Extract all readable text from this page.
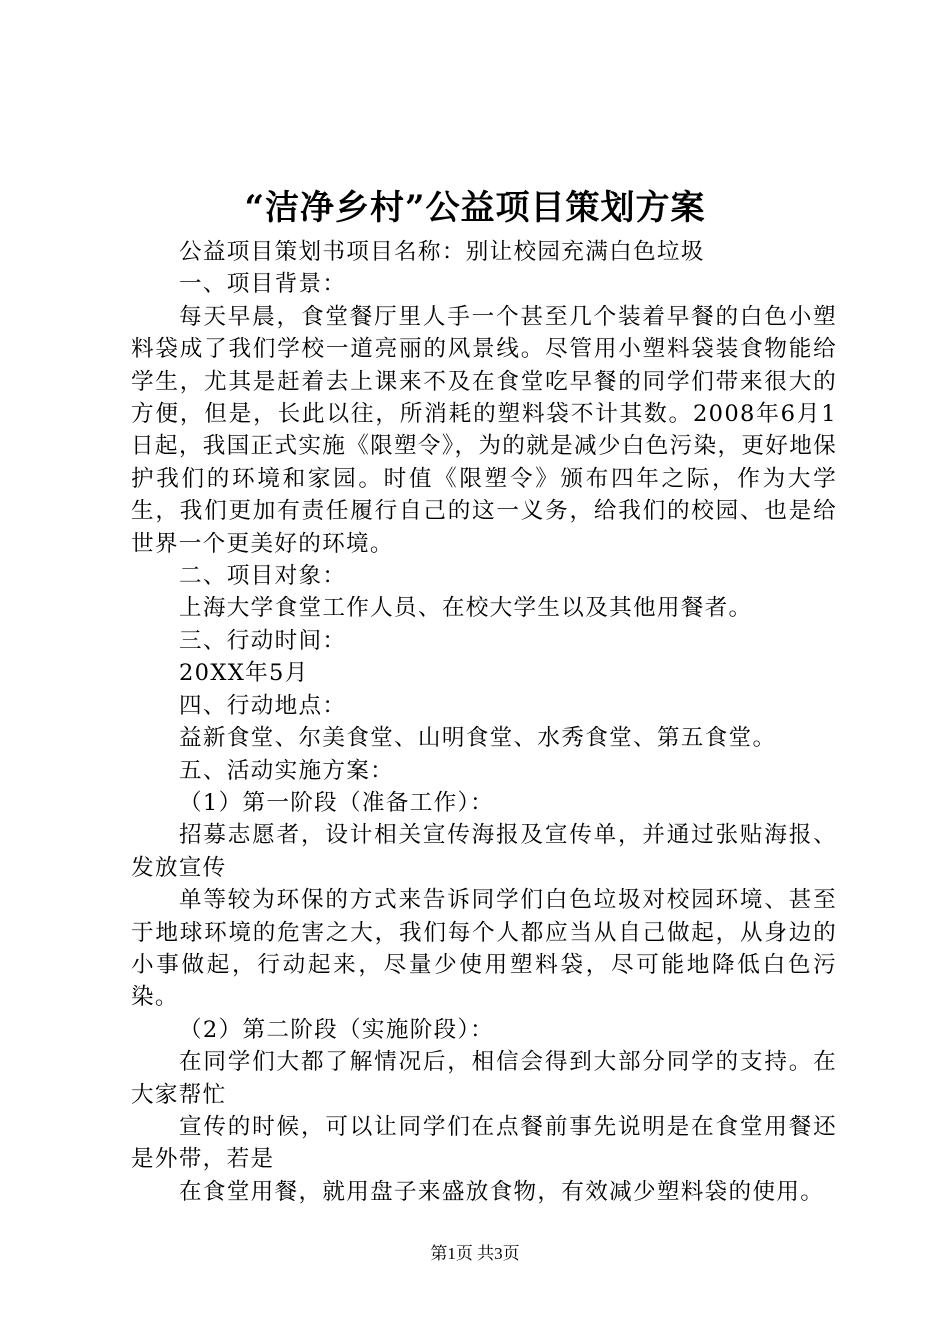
“洁净乡村”公益项目策划方案

公益项目策划书项目名称：别让校园充满白色垃圾

一、项目背景：

每天早晨，食堂餐厅里人手一个甚至几个装着早餐的白色小塑料袋成了我们学校一道亮丽的风景线。尽管用小塑料袋装食物能给学生，尤其是赶着去上课来不及在食堂吃早餐的同学们带来很大的方便，但是，长此以往，所消耗的塑料袋不计其数。2008年6月1日起，我国正式实施《限塑令》，为的就是减少白色污染，更好地保护我们的环境和家园。时值《限塑令》颁布四年之际，作为大学生，我们更加有责任履行自己的这一义务，给我们的校园、也是给世界一个更美好的环境。

二、项目对象：

上海大学食堂工作人员、在校大学生以及其他用餐者。

三、行动时间：

20XX年5月

四、行动地点：

益新食堂、尔美食堂、山明食堂、水秀食堂、第五食堂。

五、活动实施方案：

（1）第一阶段（准备工作）：

招募志愿者，设计相关宣传海报及宣传单，并通过张贴海报、发放宣传

单等较为环保的方式来告诉同学们白色垃圾对校园环境、甚至于地球环境的危害之大，我们每个人都应当从自己做起，从身边的小事做起，行动起来，尽量少使用塑料袋，尽可能地降低白色污染。

（2）第二阶段（实施阶段）：

在同学们大都了解情况后，相信会得到大部分同学的支持。在大家帮忙

宣传的时候，可以让同学们在点餐前事先说明是在食堂用餐还是外带，若是

在食堂用餐，就用盘子来盛放食物，有效减少塑料袋的使用。

第1页 共3页
